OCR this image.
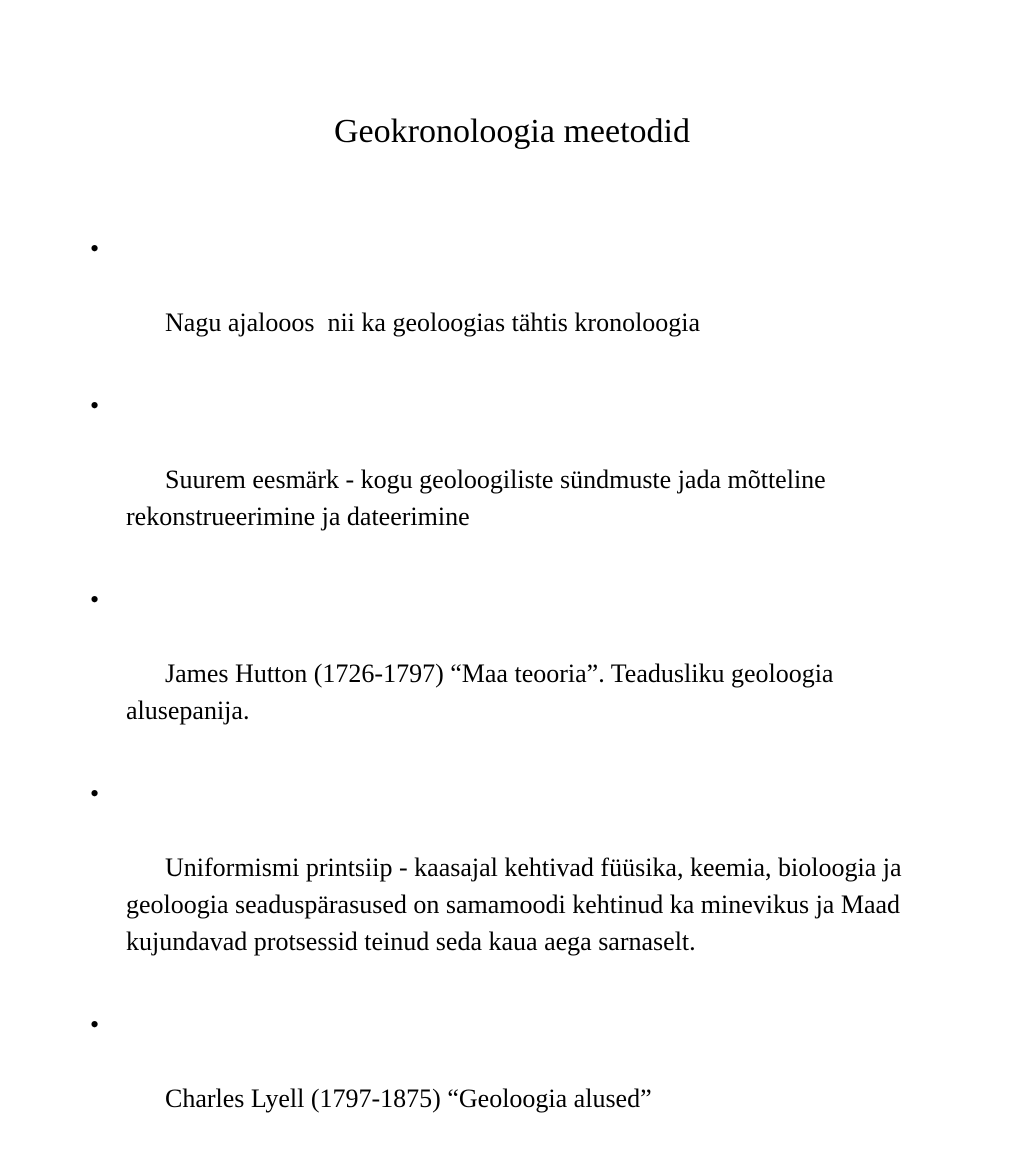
Geokronoloogia meetodid

•

Nagu ajalooos  nii ka geoloogias tähtis kronoloogia

•

Suurem eesmärk - kogu geoloogiliste sündmuste jada mõtteline rekonstrueerimine ja dateerimine

•

James Hutton (1726-1797) “Maa teooria”. Teadusliku geoloogia alusepanija.

•

Uniformismi printsiip - kaasajal kehtivad füüsika, keemia, bioloogia ja geoloogia seaduspärasused on samamoodi kehtinud ka minevikus ja Maad kujundavad protsessid teinud seda kaua aega sarnaselt.

•

Charles Lyell (1797-1875) “Geoloogia alused”
